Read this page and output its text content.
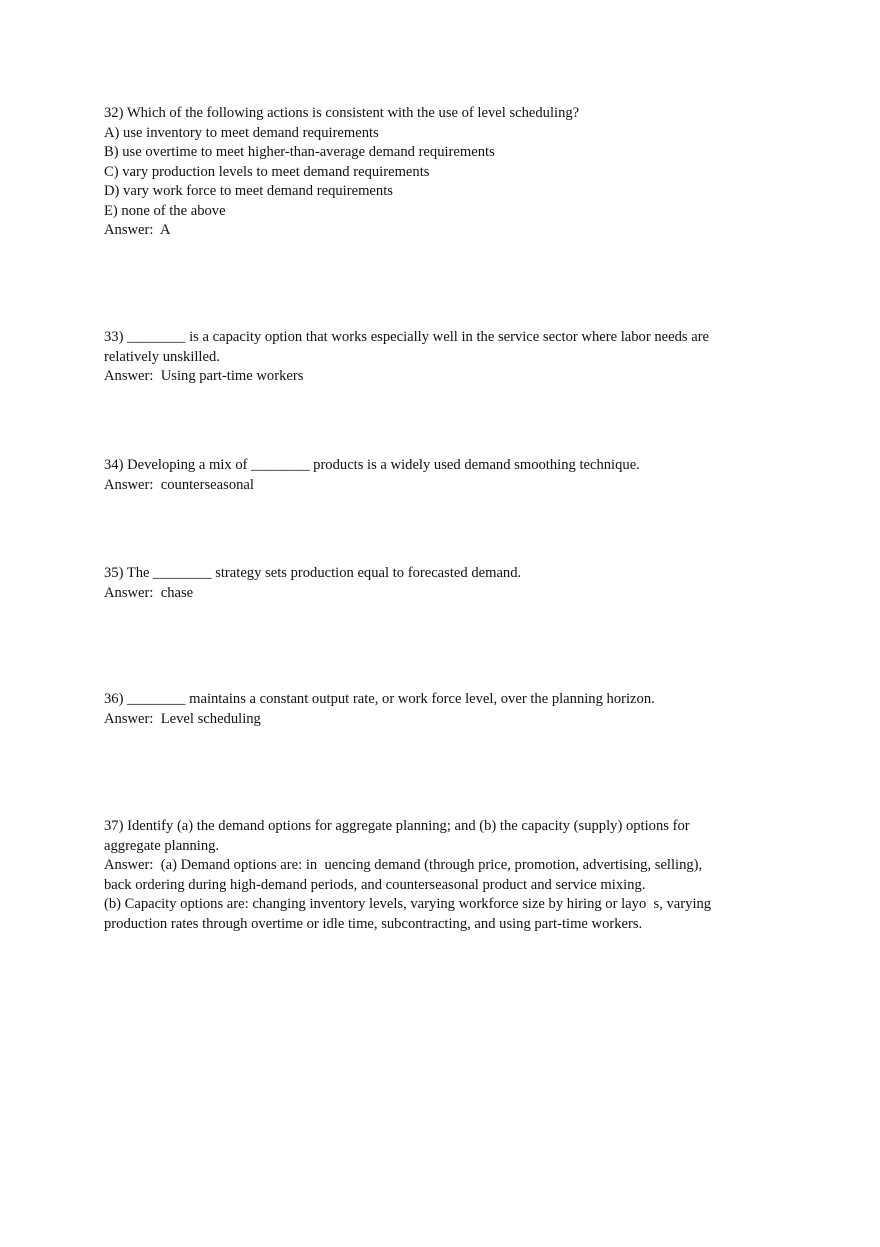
32) Which of the following actions is consistent with the use of level scheduling?
A) use inventory to meet demand requirements
B) use overtime to meet higher-than-average demand requirements
C) vary production levels to meet demand requirements
D) vary work force to meet demand requirements
E) none of the above
Answer:  A
33) ________ is a capacity option that works especially well in the service sector where labor needs are
relatively unskilled.
Answer:  Using part-time workers
34) Developing a mix of ________ products is a widely used demand smoothing technique.
Answer:  counterseasonal
35) The ________ strategy sets production equal to forecasted demand.
Answer:  chase
36) ________ maintains a constant output rate, or work force level, over the planning horizon.
Answer:  Level scheduling
37) Identify (a) the demand options for aggregate planning; and (b) the capacity (supply) options for
aggregate planning.
Answer:  (a) Demand options are: in  uencing demand (through price, promotion, advertising, selling),
back ordering during high-demand periods, and counterseasonal product and service mixing.
(b) Capacity options are: changing inventory levels, varying workforce size by hiring or layo  s, varying
production rates through overtime or idle time, subcontracting, and using part-time workers.
